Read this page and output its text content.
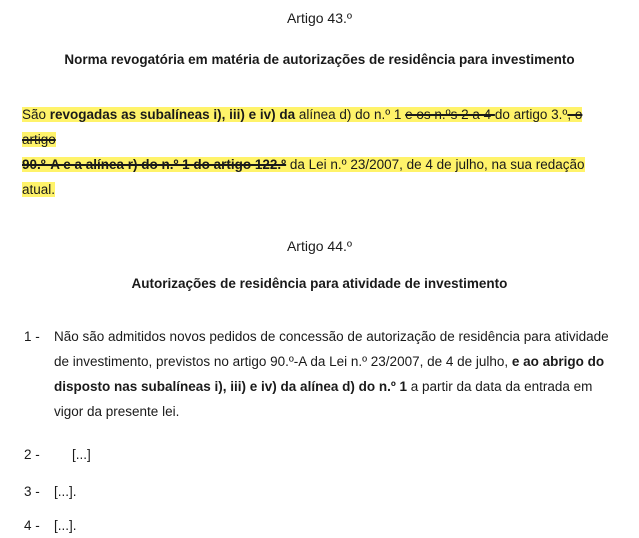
Artigo 43.º
Norma revogatória em matéria de autorizações de residência para investimento
São revogadas as subalíneas i), iii) e iv) da alínea d) do n.º 1 e os n.ºs 2 a 4 do artigo 3.º, o artigo
90.º-A e a alínea r) do n.º 1 do artigo 122.º da Lei n.º 23/2007, de 4 de julho, na sua redação
atual.
Artigo 44.º
Autorizações de residência para atividade de investimento
1 -	Não são admitidos novos pedidos de concessão de autorização de residência para atividade de investimento, previstos no artigo 90.º-A da Lei n.º 23/2007, de 4 de julho, e ao abrigo do disposto nas subalíneas i), iii) e iv) da alínea d) do n.º 1 a partir da data da entrada em vigor da presente lei.
2 -	[...]
3 -	[...].
4 -	[...].
